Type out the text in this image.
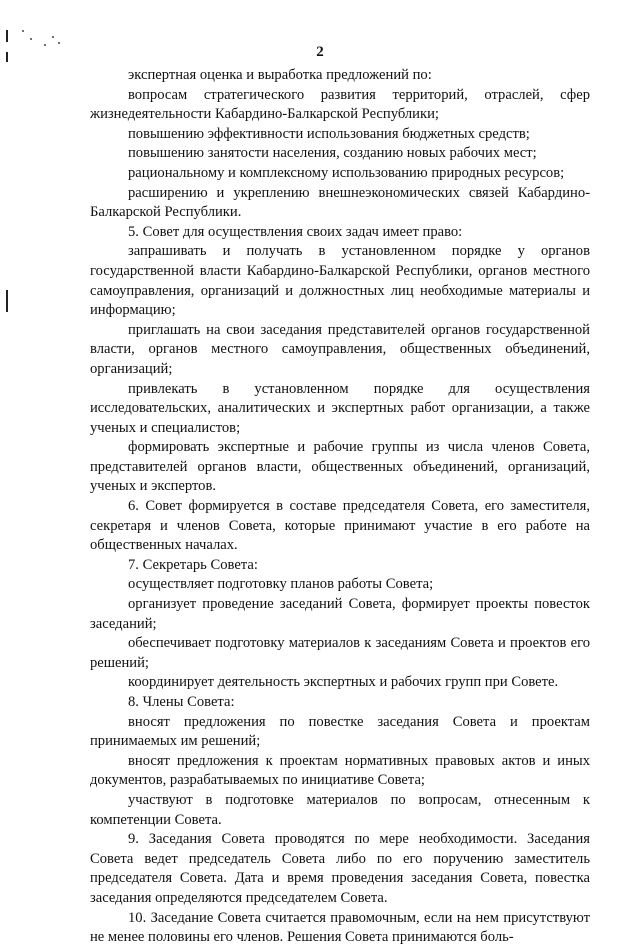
2

экспертная оценка и выработка предложений по:

вопросам стратегического развития территорий, отраслей, сфер жизнедеятельности Кабардино-Балкарской Республики;

повышению эффективности использования бюджетных средств;

повышению занятости населения, созданию новых рабочих мест;

рациональному и комплексному использованию природных ресурсов;

расширению и укреплению внешнеэкономических связей Кабардино-Балкарской Республики.

5. Совет для осуществления своих задач имеет право:

запрашивать и получать в установленном порядке у органов государственной власти Кабардино-Балкарской Республики, органов местного самоуправления, организаций и должностных лиц необходимые материалы и информацию;

приглашать на свои заседания представителей органов государственной власти, органов местного самоуправления, общественных объединений, организаций;

привлекать в установленном порядке для осуществления исследовательских, аналитических и экспертных работ организации, а также ученых и специалистов;

формировать экспертные и рабочие группы из числа членов Совета, представителей органов власти, общественных объединений, организаций, ученых и экспертов.

6. Совет формируется в составе председателя Совета, его заместителя, секретаря и членов Совета, которые принимают участие в его работе на общественных началах.

7. Секретарь Совета:

осуществляет подготовку планов работы Совета;

организует проведение заседаний Совета, формирует проекты повесток заседаний;

обеспечивает подготовку материалов к заседаниям Совета и проектов его решений;

координирует деятельность экспертных и рабочих групп при Совете.

8. Члены Совета:

вносят предложения по повестке заседания Совета и проектам принимаемых им решений;

вносят предложения к проектам нормативных правовых актов и иных документов, разрабатываемых по инициативе Совета;

участвуют в подготовке материалов по вопросам, отнесенным к компетенции Совета.

9. Заседания Совета проводятся по мере необходимости. Заседания Совета ведет председатель Совета либо по его поручению заместитель председателя Совета. Дата и время проведения заседания Совета, повестка заседания определяются председателем Совета.

10. Заседание Совета считается правомочным, если на нем присутствуют не менее половины его членов. Решения Совета принимаются боль-
